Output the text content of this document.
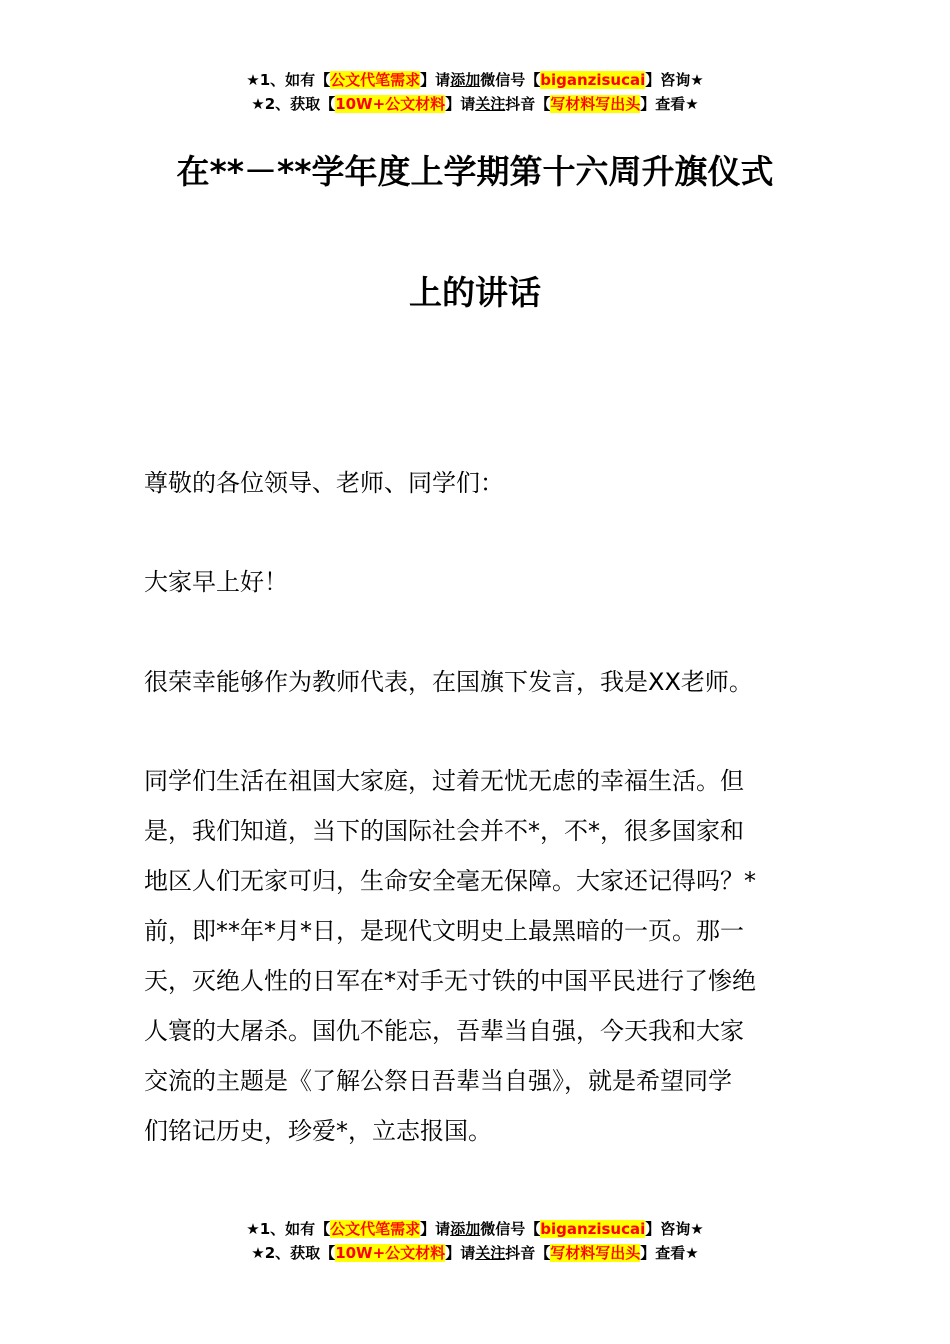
★1、如有【公文代笔需求】请添加微信号【biganzisucai】咨询★
★2、获取【10W+公文材料】请关注抖音【写材料写出头】查看★
在**－**学年度上学期第十六周升旗仪式
上的讲话
尊敬的各位领导、老师、同学们：
大家早上好！
很荣幸能够作为教师代表，在国旗下发言，我是XX老师。
同学们生活在祖国大家庭，过着无忧无虑的幸福生活。但
是，我们知道，当下的国际社会并不*，不*，很多国家和
地区人们无家可归，生命安全毫无保障。大家还记得吗？*
前，即**年*月*日，是现代文明史上最黑暗的一页。那一
天，灭绝人性的日军在*对手无寸铁的中国平民进行了惨绝
人寰的大屠杀。国仇不能忘，吾辈当自强，今天我和大家
交流的主题是《了解公祭日吾辈当自强》，就是希望同学
们铭记历史，珍爱*，立志报国。
★1、如有【公文代笔需求】请添加微信号【biganzisucai】咨询★
★2、获取【10W+公文材料】请关注抖音【写材料写出头】查看★
